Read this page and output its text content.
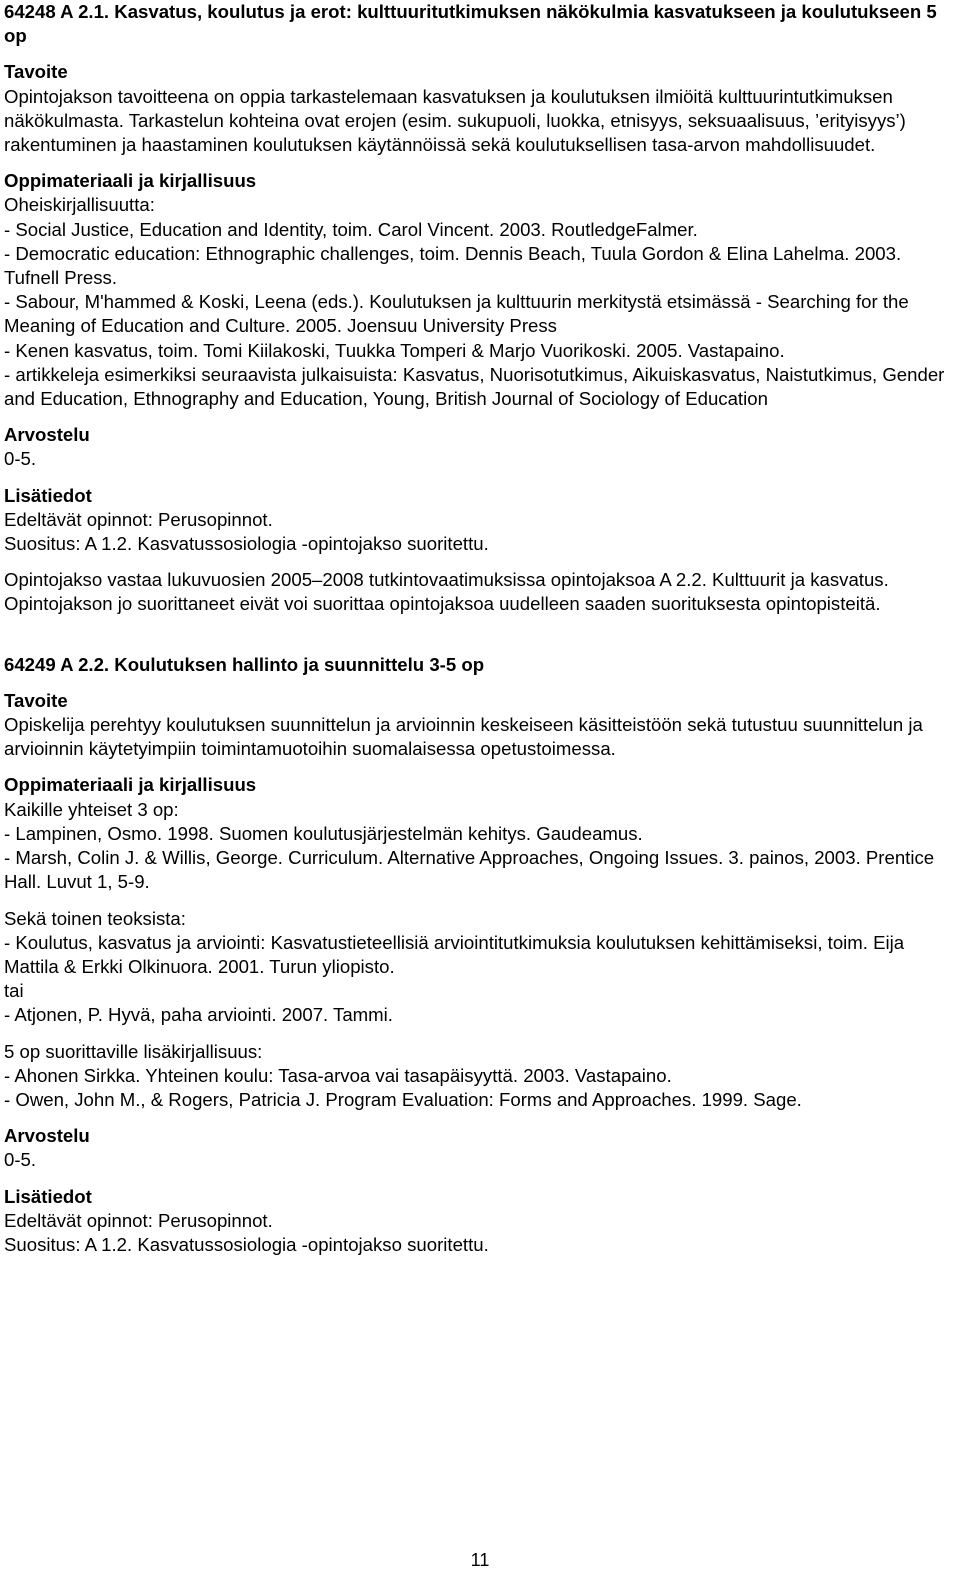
64248 A 2.1. Kasvatus, koulutus ja erot: kulttuuritutkimuksen näkökulmia kasvatukseen ja koulutukseen 5 op

Tavoite

Opintojakson tavoitteena on oppia tarkastelemaan kasvatuksen ja koulutuksen ilmiöitä kulttuurintutkimuksen näkökulmasta. Tarkastelun kohteina ovat erojen (esim. sukupuoli, luokka, etnisyys, seksuaalisuus, ’erityisyys’) rakentuminen ja haastaminen koulutuksen käytännöissä sekä koulutuksellisen tasa-arvon mahdollisuudet.

Oppimateriaali ja kirjallisuus

Oheiskirjallisuutta:

- Social Justice, Education and Identity, toim. Carol Vincent. 2003. RoutledgeFalmer.

- Democratic education: Ethnographic challenges, toim. Dennis Beach, Tuula Gordon & Elina Lahelma. 2003. Tufnell Press.

- Sabour, M'hammed & Koski, Leena (eds.). Koulutuksen ja kulttuurin merkitystä etsimässä - Searching for the Meaning of Education and Culture. 2005. Joensuu University Press

- Kenen kasvatus, toim. Tomi Kiilakoski, Tuukka Tomperi & Marjo Vuorikoski. 2005. Vastapaino.

- artikkeleja esimerkiksi seuraavista julkaisuista: Kasvatus, Nuorisotutkimus, Aikuiskasvatus, Naistutkimus, Gender and Education, Ethnography and Education, Young, British Journal of Sociology of Education

Arvostelu

0-5.

Lisätiedot

Edeltävät opinnot: Perusopinnot.

Suositus: A 1.2. Kasvatussosiologia -opintojakso suoritettu.

Opintojakso vastaa lukuvuosien 2005–2008 tutkintovaatimuksissa opintojaksoa A 2.2. Kulttuurit ja kasvatus. Opintojakson jo suorittaneet eivät voi suorittaa opintojaksoa uudelleen saaden suorituksesta opintopisteitä.

64249 A 2.2. Koulutuksen hallinto ja suunnittelu 3-5 op

Tavoite

Opiskelija perehtyy koulutuksen suunnittelun ja arvioinnin keskeiseen käsitteistöön sekä tutustuu suunnittelun ja arvioinnin käytetyimpiin toimintamuotoihin suomalaisessa opetustoimessa.

Oppimateriaali ja kirjallisuus

Kaikille yhteiset 3 op:

- Lampinen, Osmo. 1998. Suomen koulutusjärjestelmän kehitys. Gaudeamus.

- Marsh, Colin J. & Willis, George. Curriculum. Alternative Approaches, Ongoing Issues. 3. painos, 2003. Prentice Hall. Luvut 1, 5-9.

Sekä toinen teoksista:

- Koulutus, kasvatus ja arviointi: Kasvatustieteellisiä arviointitutkimuksia koulutuksen kehittämiseksi, toim. Eija Mattila & Erkki Olkinuora. 2001. Turun yliopisto.

tai

- Atjonen, P. Hyvä, paha arviointi. 2007. Tammi.

5 op suorittaville lisäkirjallisuus:

- Ahonen Sirkka. Yhteinen koulu: Tasa-arvoa vai tasapäisyyttä. 2003. Vastapaino.

- Owen, John M., & Rogers, Patricia J. Program Evaluation: Forms and Approaches. 1999. Sage.

Arvostelu

0-5.

Lisätiedot

Edeltävät opinnot: Perusopinnot.

Suositus: A 1.2. Kasvatussosiologia -opintojakso suoritettu.

11
